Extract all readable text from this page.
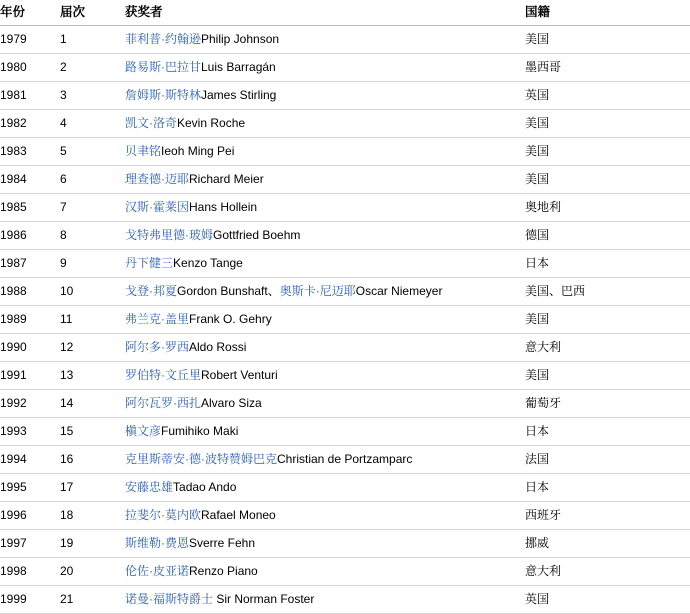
年份	届次	获奖者	国籍
1979	1	菲利普·约翰逊Philip Johnson	美国
1980	2	路易斯·巴拉甘Luis Barragán	墨西哥
1981	3	詹姆斯·斯特林James Stirling	英国
1982	4	凯文·洛奇Kevin Roche	美国
1983	5	贝聿铭Ieoh Ming Pei	美国
1984	6	理查德·迈耶Richard Meier	美国
1985	7	汉斯·霍莱因Hans Hollein	奥地利
1986	8	戈特弗里德·玻姆Gottfried Boehm	德国
1987	9	丹下健三Kenzo Tange	日本
1988	10	戈登·邦夏Gordon Bunshaft、奥斯卡·尼迈耶Oscar Niemeyer	美国、巴西
1989	11	弗兰克·盖里Frank O. Gehry	美国
1990	12	阿尔多·罗西Aldo Rossi	意大利
1991	13	罗伯特·文丘里Robert Venturi	美国
1992	14	阿尔瓦罗·西扎Alvaro Siza	葡萄牙
1993	15	槇文彦Fumihiko Maki	日本
1994	16	克里斯蒂安·德·波特赞姆巴克Christian de Portzamparc	法国
1995	17	安藤忠雄Tadao Ando	日本
1996	18	拉斐尔·莫内欧Rafael Moneo	西班牙
1997	19	斯维勒·费恩Sverre Fehn	挪威
1998	20	伦佐·皮亚诺Renzo Piano	意大利
1999	21	诺曼·福斯特爵士 Sir Norman Foster	英国
